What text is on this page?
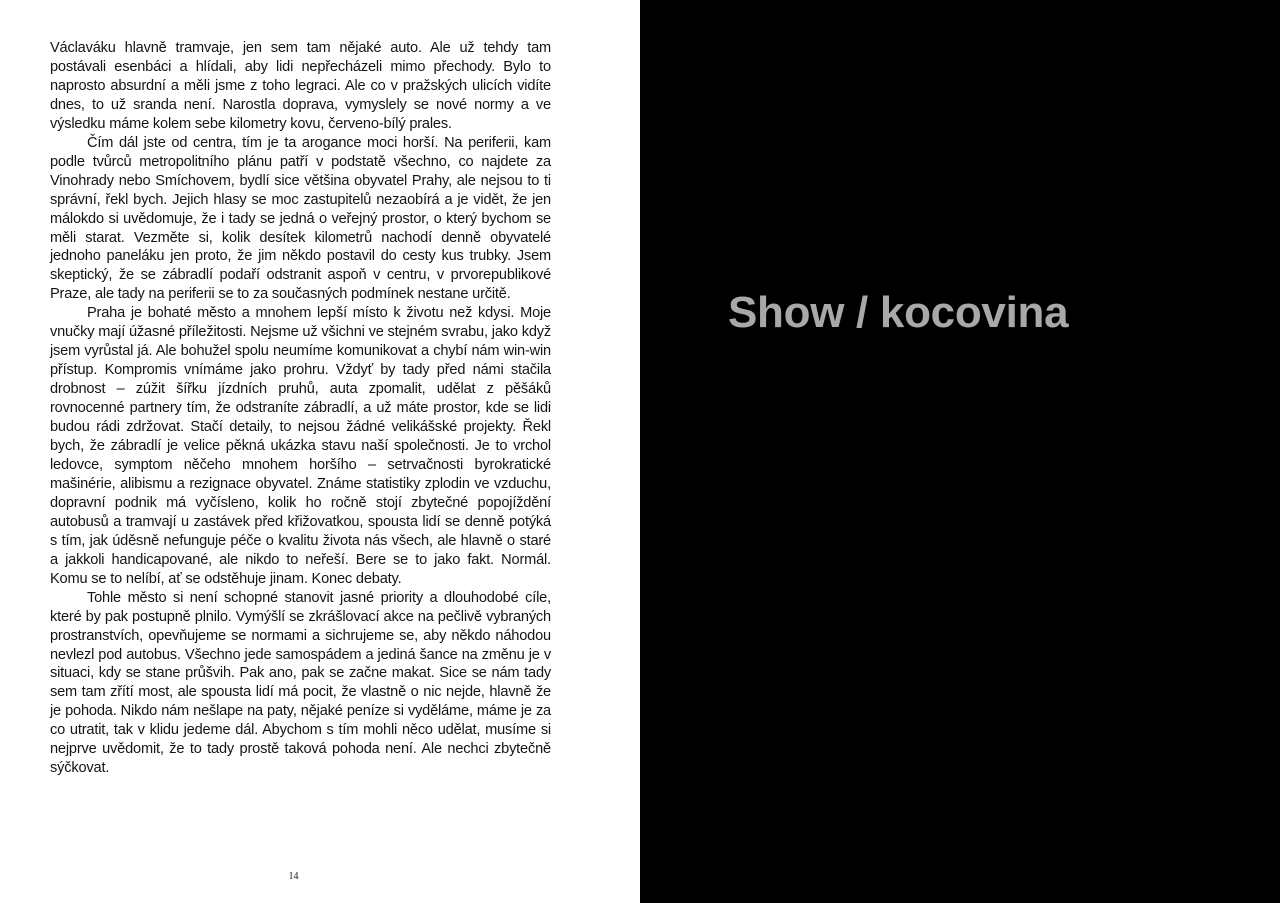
Václaváku hlavně tramvaje, jen sem tam nějaké auto. Ale už tehdy tam postávali esenbáci a hlídali, aby lidi nepřecházeli mimo přechody. Bylo to naprosto absurdní a měli jsme z toho legraci. Ale co v pražských ulicích vidíte dnes, to už sranda není. Narostla doprava, vymyslely se nové normy a ve výsledku máme kolem sebe kilometry kovu, červeno-bílý prales.

Čím dál jste od centra, tím je ta arogance moci horší. Na periferii, kam podle tvůrců metropolitního plánu patří v podstatě všechno, co najdete za Vinohrady nebo Smíchovem, bydlí sice většina obyvatel Prahy, ale nejsou to ti správní, řekl bych. Jejich hlasy se moc zastupitelů nezaobírá a je vidět, že jen málokdo si uvědomuje, že i tady se jedná o veřejný prostor, o který bychom se měli starat. Vezměte si, kolik desítek kilometrů nachodí denně obyvatelé jednoho paneláku jen proto, že jim někdo postavil do cesty kus trubky. Jsem skeptický, že se zábradlí podaří odstranit aspoň v centru, v prvorepublikové Praze, ale tady na periferii se to za současných podmínek nestane určitě.

Praha je bohaté město a mnohem lepší místo k životu než kdysi. Moje vnučky mají úžasné příležitosti. Nejsme už všichni ve stejném svrabu, jako když jsem vyrůstal já. Ale bohužel spolu neumíme komunikovat a chybí nám win-win přístup. Kompromis vnímáme jako prohru. Vždyť by tady před námi stačila drobnost – zúžit šířku jízdních pruhů, auta zpomalit, udělat z pěšáků rovnocenné partnery tím, že odstraníte zábradlí, a už máte prostor, kde se lidi budou rádi zdržovat. Stačí detaily, to nejsou žádné velikášské projekty. Řekl bych, že zábradlí je velice pěkná ukázka stavu naší společnosti. Je to vrchol ledovce, symptom něčeho mnohem horšího – setrvačnosti byrokratické mašinérie, alibismu a rezignace obyvatel. Známe statistiky zplodin ve vzduchu, dopravní podnik má vyčísleno, kolik ho ročně stojí zbytečné popojíždění autobusů a tramvají u zastávek před křižovatkou, spousta lidí se denně potýká s tím, jak úděsně nefunguje péče o kvalitu života nás všech, ale hlavně o staré a jakkoli handicapované, ale nikdo to neřeší. Bere se to jako fakt. Normál. Komu se to nelíbí, ať se odstěhuje jinam. Konec debaty.

Tohle město si není schopné stanovit jasné priority a dlouhodobé cíle, které by pak postupně plnilo. Vymýšlí se zkrášlovací akce na pečlivě vybraných prostranstvích, opevňujeme se normami a sichrujeme se, aby někdo náhodou nevlezl pod autobus. Všechno jede samospádem a jediná šance na změnu je v situaci, kdy se stane průšvih. Pak ano, pak se začne makat. Sice se nám tady sem tam zřítí most, ale spousta lidí má pocit, že vlastně o nic nejde, hlavně že je pohoda. Nikdo nám nešlape na paty, nějaké peníze si vyděláme, máme je za co utratit, tak v klidu jedeme dál. Abychom s tím mohli něco udělat, musíme si nejprve uvědomit, že to tady prostě taková pohoda není. Ale nechci zbytečně sýčkovat.

14
Show / kocovina
